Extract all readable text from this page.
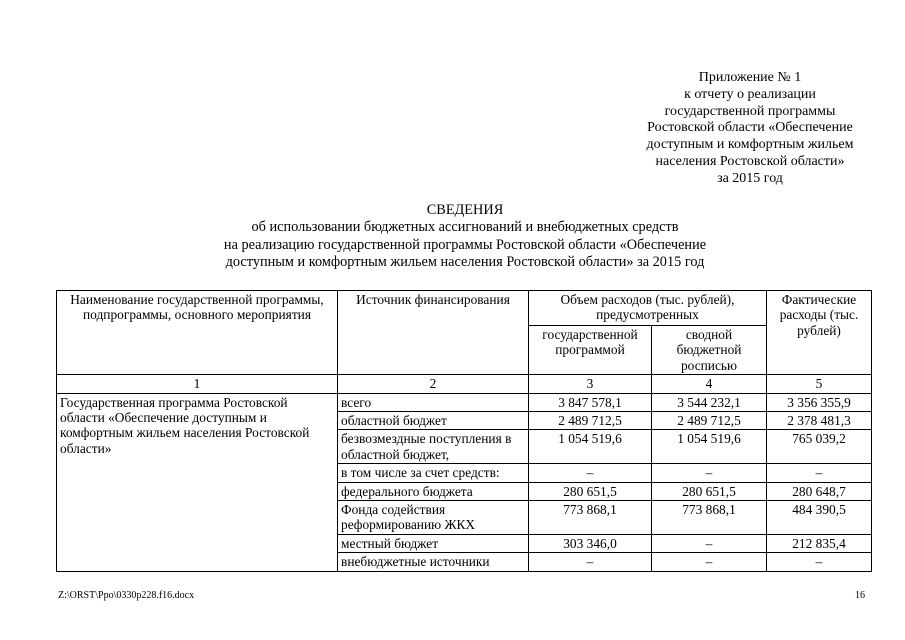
Приложение № 1
к отчету о реализации
государственной программы
Ростовской области «Обеспечение
доступным и комфортным жильем
населения Ростовской области»
за 2015 год
СВЕДЕНИЯ
об использовании бюджетных ассигнований и внебюджетных средств
на реализацию государственной программы Ростовской области «Обеспечение
доступным и комфортным жильем населения Ростовской области» за 2015 год
Наименование государственной программы, подпрограммы, основного мероприятия	Источник финансирования	Объем расходов (тыс. рублей), предусмотренных		Фактические расходы (тыс. рублей)
		государственной программой	сводной бюджетной росписью	
1	2	3	4	5
Государственная программа Ростовской области «Обеспечение доступным и комфортным жильем населения Ростовской области»	всего	3 847 578,1	3 544 232,1	3 356 355,9
	областной бюджет	2 489 712,5	2 489 712,5	2 378 481,3
	безвозмездные поступления в областной бюджет,	1 054 519,6	1 054 519,6	765 039,2
	в том числе за счет средств:	–	–	–
	федерального бюджета	280 651,5	280 651,5	280 648,7
	Фонда содействия реформированию ЖКХ	773 868,1	773 868,1	484 390,5
	местный бюджет	303 346,0	–	212 835,4
	внебюджетные источники	–	–	–
Z:\ORST\Ppo\0330p228.f16.docx	16
